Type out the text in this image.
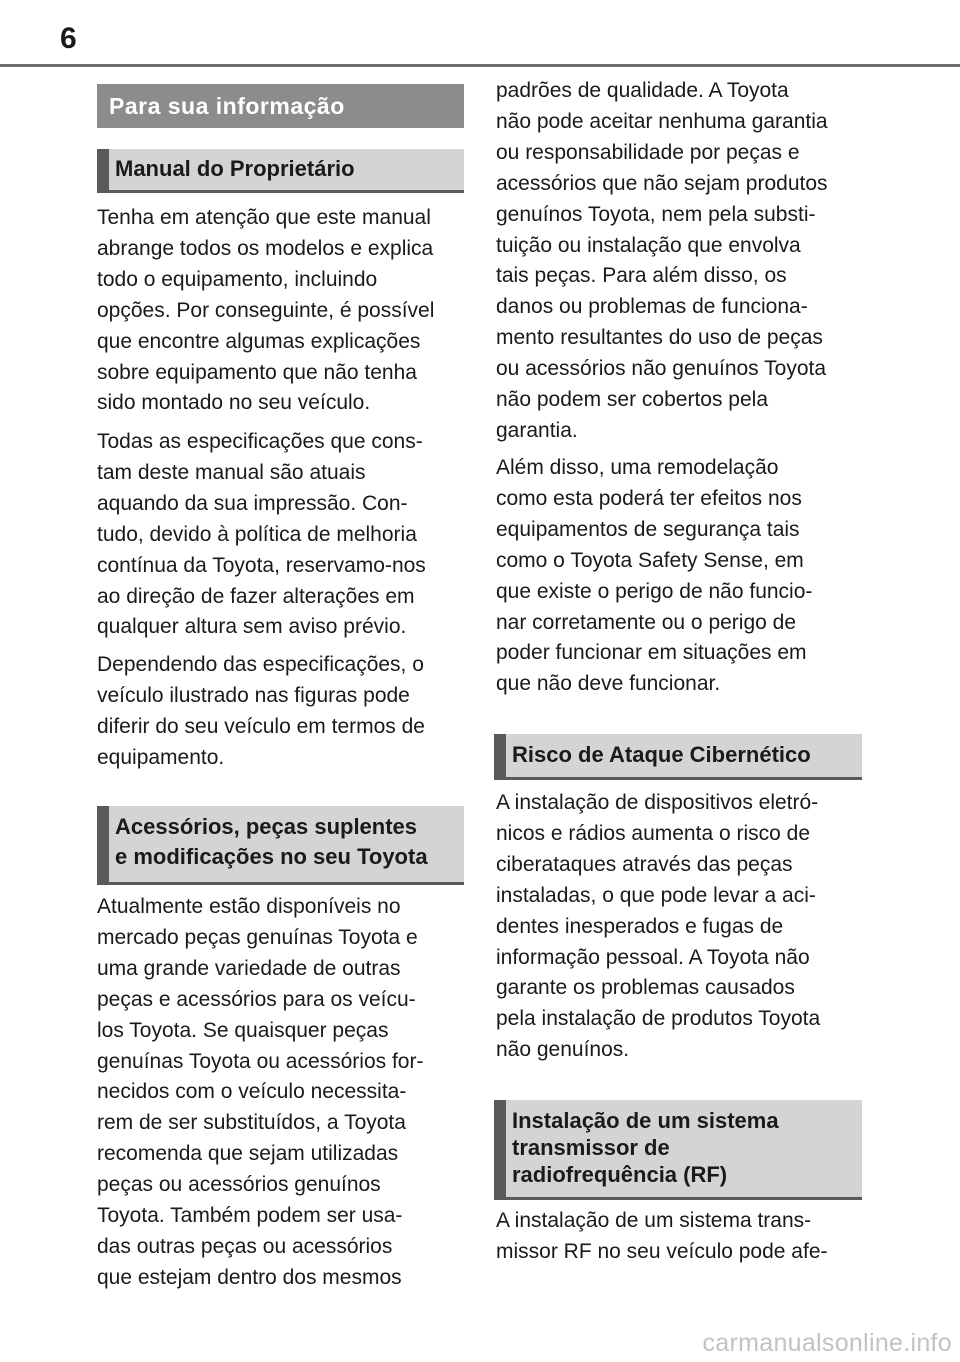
6
Para sua informação
Manual do Proprietário
Tenha em atenção que este manual
abrange todos os modelos e explica
todo o equipamento, incluindo
opções. Por conseguinte, é possível
que encontre algumas explicações
sobre equipamento que não tenha
sido montado no seu veículo.
Todas as especificações que cons-
tam deste manual são atuais
aquando da sua impressão. Con-
tudo, devido à política de melhoria
contínua da Toyota, reservamo-nos
ao direção de fazer alterações em
qualquer altura sem aviso prévio.
Dependendo das especificações, o
veículo ilustrado nas figuras pode
diferir do seu veículo em termos de
equipamento.
Acessórios, peças suplentes
e modificações no seu Toyota
Atualmente estão disponíveis no
mercado peças genuínas Toyota e
uma grande variedade de outras
peças e acessórios para os veícu-
los Toyota. Se quaisquer peças
genuínas Toyota ou acessórios for-
necidos com o veículo necessita-
rem de ser substituídos, a Toyota
recomenda que sejam utilizadas
peças ou acessórios genuínos
Toyota. Também podem ser usa-
das outras peças ou acessórios
que estejam dentro dos mesmos
padrões de qualidade. A Toyota
não pode aceitar nenhuma garantia
ou responsabilidade por peças e
acessórios que não sejam produtos
genuínos Toyota, nem pela substi-
tuição ou instalação que envolva
tais peças. Para além disso, os
danos ou problemas de funciona-
mento resultantes do uso de peças
ou acessórios não genuínos Toyota
não podem ser cobertos pela
garantia.
Além disso, uma remodelação
como esta poderá ter efeitos nos
equipamentos de segurança tais
como o Toyota Safety Sense, em
que existe o perigo de não funcio-
nar corretamente ou o perigo de
poder funcionar em situações em
que não deve funcionar.
Risco de Ataque Cibernético
A instalação de dispositivos eletró-
nicos e rádios aumenta o risco de
ciberataques através das peças
instaladas, o que pode levar a aci-
dentes inesperados e fugas de
informação pessoal. A Toyota não
garante os problemas causados
pela instalação de produtos Toyota
não genuínos.
Instalação de um sistema
transmissor de
radiofrequência (RF)
A instalação de um sistema trans-
missor RF no seu veículo pode afe-
carmanualsonline.info
